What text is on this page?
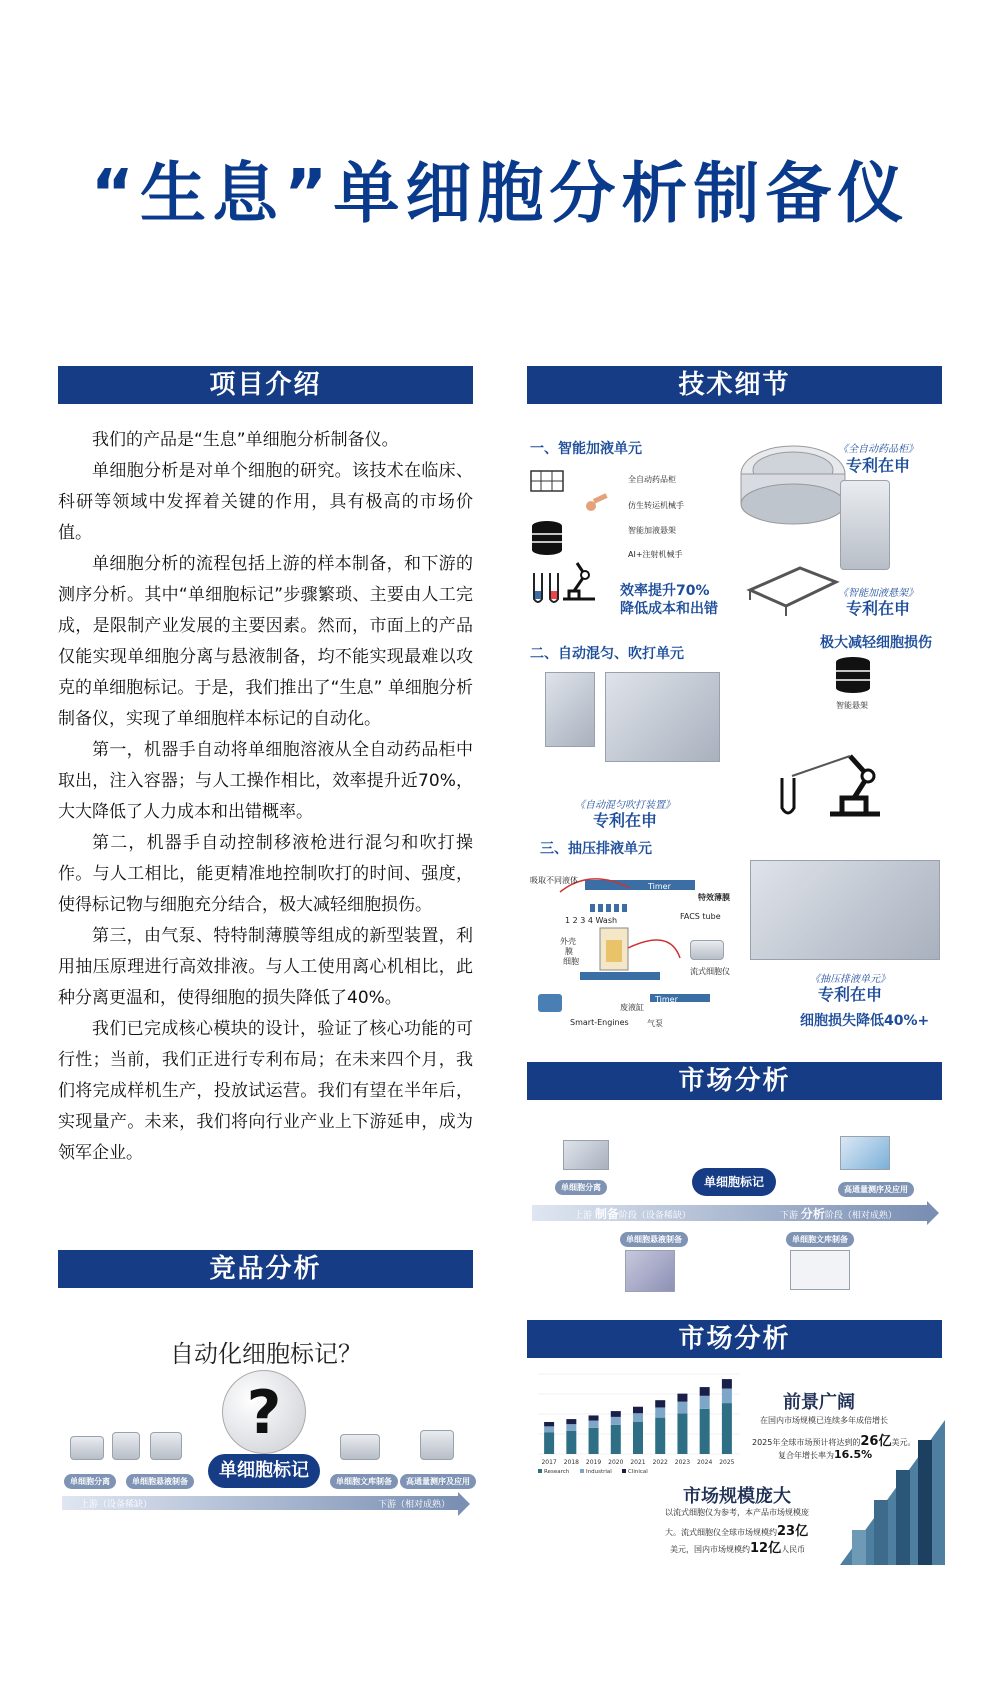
“生息”单细胞分析制备仪
项目介绍	技术细节
市场分析
竞品分析
市场分析

我们的产品是“生息”单细胞分析制备仪。

单细胞分析是对单个细胞的研究。该技术在临床、科研等领域中发挥着关键的作用，具有极高的市场价值。

单细胞分析的流程包括上游的样本制备，和下游的测序分析。其中“单细胞标记”步骤繁琐、主要由人工完成，是限制产业发展的主要因素。然而，市面上的产品仅能实现单细胞分离与悬液制备，均不能实现最难以攻克的单细胞标记。于是，我们推出了“生息” 单细胞分析制备仪，实现了单细胞样本标记的自动化。

第一，机器手自动将单细胞溶液从全自动药品柜中取出，注入容器；与人工操作相比，效率提升近70%，大大降低了人力成本和出错概率。

第二，机器手自动控制移液枪进行混匀和吹打操作。与人工相比，能更精准地控制吹打的时间、强度，使得标记物与细胞充分结合，极大减轻细胞损伤。

第三，由气泵、特特制薄膜等组成的新型装置，利用抽压原理进行高效排液。与人工使用离心机相比，此种分离更温和，使得细胞的损失降低了40%。

我们已完成核心模块的设计，验证了核心功能的可行性；当前，我们正进行专利布局；在未来四个月，我们将完成样机生产，投放试运营。我们有望在半年后，实现量产。未来，我们将向行业产业上下游延申，成为领军企业。

一、智能加液单元
全自动药品柜
仿生转运机械手
智能加液悬架
AI+注射机械手
效率提升70%
降低成本和出错
《全自动药品柜》
专利在申
《智能加液悬架》
专利在申
二、自动混匀、吹打单元
极大减轻细胞损伤
智能悬架
《自动混匀吹打装置》
专利在申
三、抽压排液单元
吸取不同液体
1 2 3 4 Wash
外壳
膜
细胞
Timer
Timer
FACS tube
流式细胞仪
特效薄膜
废液缸
Smart-Engines 气泵
《抽压排液单元》
专利在申
细胞损失降低40%+
单细胞分离	单细胞标记
高通量测序及应用
上游 制备阶段（设备稀缺）	下游 分析阶段（相对成熟）
单细胞悬液制备	单细胞文库制备
自动化细胞标记？
?
单细胞分离	单细胞悬液制备
单细胞标记
单细胞文库制备	高通量测序及应用
上游（设备稀缺）	下游（相对成熟）
2017 2018 2019 2020 2021 2022 2023 2024 2025
Research	Industrial	Clinical
前景广阔
在国内市场规模已连续多年成倍增长
2025年全球市场预计将达到的26亿美元。
复合年增长率为16.5%
市场规模庞大
以流式细胞仪为参考，本产品市场规模庞
大。流式细胞仪全球市场规模约23亿
美元，国内市场规模约12亿人民币
